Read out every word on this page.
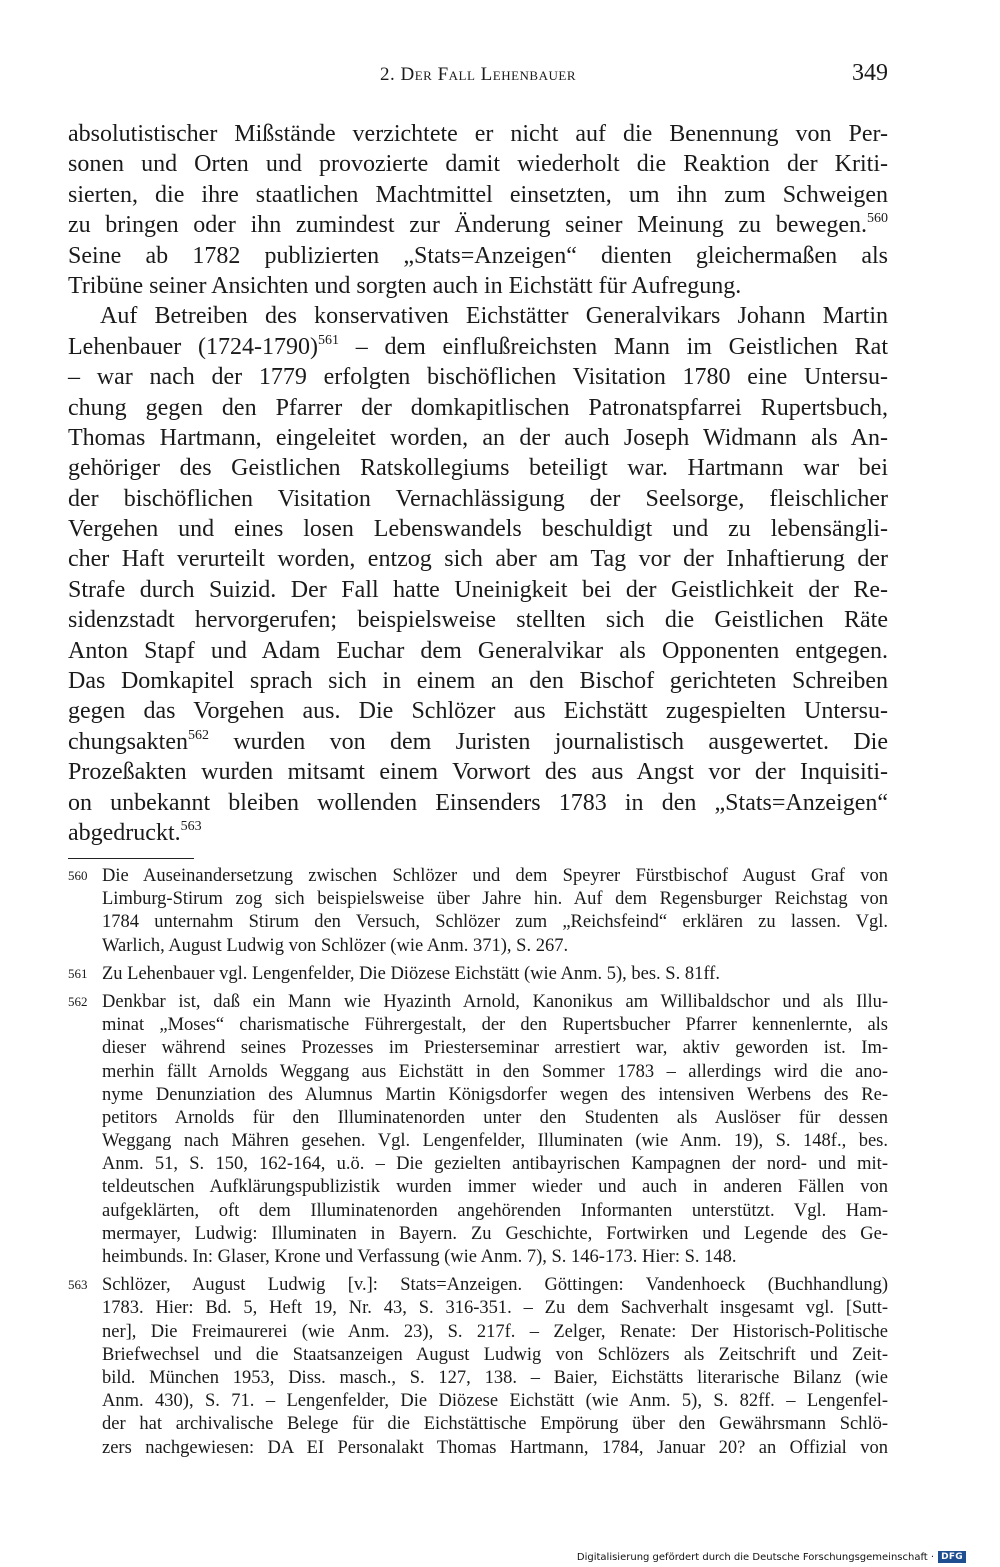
2. Der Fall Lehenbauer	349
absolutistischer Mißstände verzichtete er nicht auf die Benennung von Per-
sonen und Orten und provozierte damit wiederholt die Reaktion der Kriti-
sierten, die ihre staatlichen Machtmittel einsetzten, um ihn zum Schweigen
zu bringen oder ihn zumindest zur Änderung seiner Meinung zu bewegen.$^{560}$
Seine ab 1782 publizierten „Stats=Anzeigen“ dienten gleichermaßen als
Tribüne seiner Ansichten und sorgten auch in Eichstätt für Aufregung.
Auf Betreiben des konservativen Eichstätter Generalvikars Johann Martin
Lehenbauer (1724-1790)$^{561}$ – dem einflußreichsten Mann im Geistlichen Rat
– war nach der 1779 erfolgten bischöflichen Visitation 1780 eine Untersu-
chung gegen den Pfarrer der domkapitlischen Patronatspfarrei Rupertsbuch,
Thomas Hartmann, eingeleitet worden, an der auch Joseph Widmann als An-
gehöriger des Geistlichen Ratskollegiums beteiligt war. Hartmann war bei
der bischöflichen Visitation Vernachlässigung der Seelsorge, fleischlicher
Vergehen und eines losen Lebenswandels beschuldigt und zu lebensängli-
cher Haft verurteilt worden, entzog sich aber am Tag vor der Inhaftierung der
Strafe durch Suizid. Der Fall hatte Uneinigkeit bei der Geistlichkeit der Re-
sidenzstadt hervorgerufen; beispielsweise stellten sich die Geistlichen Räte
Anton Stapf und Adam Euchar dem Generalvikar als Opponenten entgegen.
Das Domkapitel sprach sich in einem an den Bischof gerichteten Schreiben
gegen das Vorgehen aus. Die Schlözer aus Eichstätt zugespielten Untersu-
chungsakten$^{562}$ wurden von dem Juristen journalistisch ausgewertet. Die
Prozeßakten wurden mitsamt einem Vorwort des aus Angst vor der Inquisiti-
on unbekannt bleiben wollenden Einsenders 1783 in den „Stats=Anzeigen“
abgedruckt.$^{563}$
560 Die Auseinandersetzung zwischen Schlözer und dem Speyrer Fürstbischof August Graf von
Limburg-Stirum zog sich beispielsweise über Jahre hin. Auf dem Regensburger Reichstag von
1784 unternahm Stirum den Versuch, Schlözer zum „Reichsfeind“ erklären zu lassen. Vgl.
Warlich, August Ludwig von Schlözer (wie Anm. 371), S. 267.
561 Zu Lehenbauer vgl. Lengenfelder, Die Diözese Eichstätt (wie Anm. 5), bes. S. 81ff.
562 Denkbar ist, daß ein Mann wie Hyazinth Arnold, Kanonikus am Willibaldschor und als Illu-
minat „Moses“ charismatische Führergestalt, der den Rupertsbucher Pfarrer kennenlernte, als
dieser während seines Prozesses im Priesterseminar arrestiert war, aktiv geworden ist. Im-
merhin fällt Arnolds Weggang aus Eichstätt in den Sommer 1783 – allerdings wird die ano-
nyme Denunziation des Alumnus Martin Königsdorfer wegen des intensiven Werbens des Re-
petitors Arnolds für den Illuminatenorden unter den Studenten als Auslöser für dessen
Weggang nach Mähren gesehen. Vgl. Lengenfelder, Illuminaten (wie Anm. 19), S. 148f., bes.
Anm. 51, S. 150, 162-164, u.ö. – Die gezielten antibayrischen Kampagnen der nord- und mit-
teldeutschen Aufklärungspublizistik wurden immer wieder und auch in anderen Fällen von
aufgeklärten, oft dem Illuminatenorden angehörenden Informanten unterstützt. Vgl. Ham-
mermayer, Ludwig: Illuminaten in Bayern. Zu Geschichte, Fortwirken und Legende des Ge-
heimbunds. In: Glaser, Krone und Verfassung (wie Anm. 7), S. 146-173. Hier: S. 148.
563 Schlözer, August Ludwig [v.]: Stats=Anzeigen. Göttingen: Vandenhoeck (Buchhandlung)
1783. Hier: Bd. 5, Heft 19, Nr. 43, S. 316-351. – Zu dem Sachverhalt insgesamt vgl. [Sutt-
ner], Die Freimaurerei (wie Anm. 23), S. 217f. – Zelger, Renate: Der Historisch-Politische
Briefwechsel und die Staatsanzeigen August Ludwig von Schlözers als Zeitschrift und Zeit-
bild. München 1953, Diss. masch., S. 127, 138. – Baier, Eichstätts literarische Bilanz (wie
Anm. 430), S. 71. – Lengenfelder, Die Diözese Eichstätt (wie Anm. 5), S. 82ff. – Lengenfel-
der hat archivalische Belege für die Eichstättische Empörung über den Gewährsmann Schlö-
zers nachgewiesen: DA EI Personalakt Thomas Hartmann, 1784, Januar 20? an Offizial von
Digitalisierung gefördert durch die Deutsche Forschungsgemeinschaft · DFG
